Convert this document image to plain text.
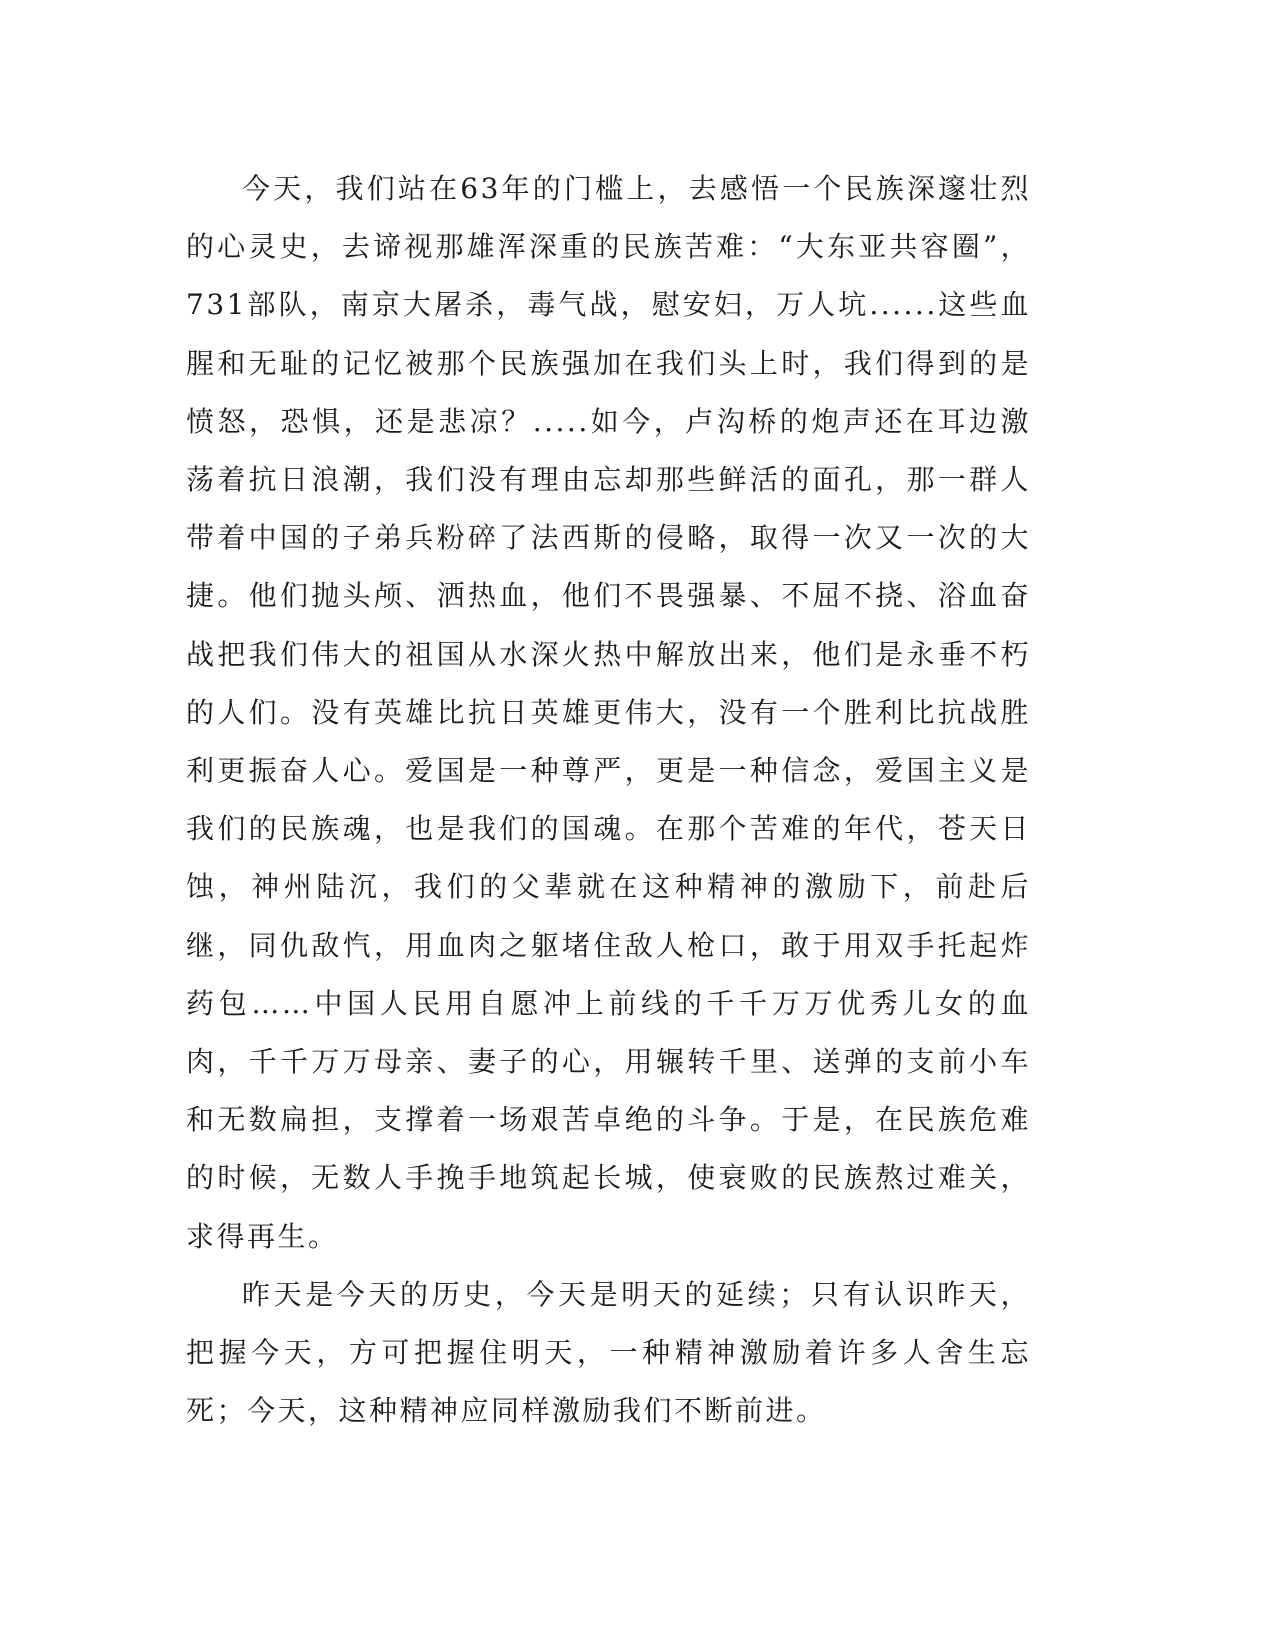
今天，我们站在63年的门槛上，去感悟一个民族深邃壮烈的心灵史，去谛视那雄浑深重的民族苦难：“大东亚共容圈”，731部队，南京大屠杀，毒气战，慰安妇，万人坑......这些血腥和无耻的记忆被那个民族强加在我们头上时，我们得到的是愤怒，恐惧，还是悲凉？.....如今，卢沟桥的炮声还在耳边激荡着抗日浪潮，我们没有理由忘却那些鲜活的面孔，那一群人带着中国的子弟兵粉碎了法西斯的侵略，取得一次又一次的大捷。他们抛头颅、洒热血，他们不畏强暴、不屈不挠、浴血奋战把我们伟大的祖国从水深火热中解放出来，他们是永垂不朽的人们。没有英雄比抗日英雄更伟大，没有一个胜利比抗战胜利更振奋人心。爱国是一种尊严，更是一种信念，爱国主义是我们的民族魂，也是我们的国魂。在那个苦难的年代，苍天日蚀，神州陆沉，我们的父辈就在这种精神的激励下，前赴后继，同仇敌忾，用血肉之躯堵住敌人枪口，敢于用双手托起炸药包……中国人民用自愿冲上前线的千千万万优秀儿女的血肉，千千万万母亲、妻子的心，用辗转千里、送弹的支前小车和无数扁担，支撑着一场艰苦卓绝的斗争。于是，在民族危难的时候，无数人手挽手地筑起长城，使衰败的民族熬过难关，求得再生。

昨天是今天的历史，今天是明天的延续；只有认识昨天，把握今天，方可把握住明天，一种精神激励着许多人舍生忘死；今天，这种精神应同样激励我们不断前进。
